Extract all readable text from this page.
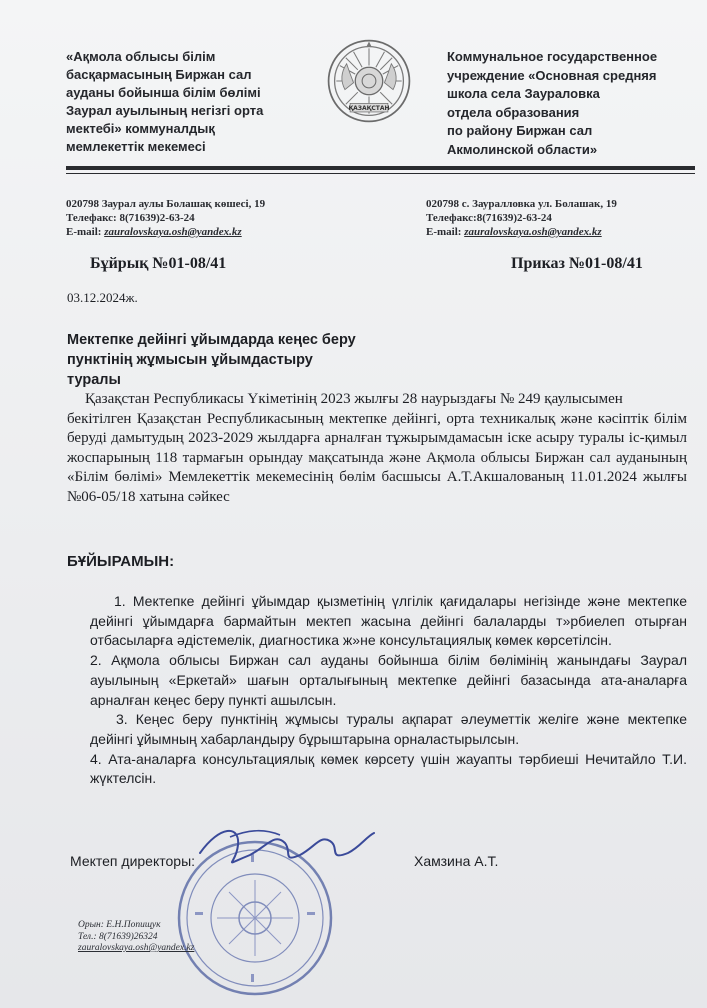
«Ақмола облысы білім
басқармасының Биржан сал
ауданы бойынша білім бөлімі
Заурал ауылының негізгі орта
мектебі» коммуналдық
мемлекеттік мекемесі
ҚАЗАҚСТАН
Коммунальное государственное
учреждение «Основная средняя
школа села Заураловка
отдела образования
по району Биржан сал
Акмолинской области»
020798 Заурал аулы Болашақ көшесі, 19
Телефакс: 8(71639)2-63-24
E-mail: zauralovskaya.osh@yandex.kz
020798 с. Зауралловка ул. Болашак, 19
Телефакс:8(71639)2-63-24
E-mail: zauralovskaya.osh@yandex.kz
Бұйрық №01-08/41	Приказ №01-08/41
03.12.2024ж.
Мектепке дейінгі ұйымдарда кеңес беру
пунктінің жұмысын ұйымдастыру
туралы
Қазақстан Республикасы Үкіметінің 2023 жылғы 28 наурыздағы № 249 қаулысымен
бекітілген Қазақстан Республикасының мектепке дейінгі, орта техникалық және кәсіптік білім беруді дамытудың 2023-2029 жылдарға арналған тұжырымдамасын іске асыру туралы іс-қимыл жоспарының 118 тармағын орындау мақсатында және Ақмола облысы Биржан сал ауданының «Білім бөлімі» Мемлекеттік мекемесінің бөлім басшысы А.Т.Акшалованың 11.01.2024 жылғы №06-05/18 хатына сәйкес
БҰЙЫРАМЫН:

1. Мектепке дейінгі ұйымдар қызметінің үлгілік қағидалары негізінде және мектепке дейінгі ұйымдарға бармайтын мектеп жасына дейінгі балаларды т»рбиелеп отырған отбасыларға әдістемелік, диагностика ж»не консультациялық көмек көрсетілсін.

2. Ақмола облысы Биржан сал ауданы бойынша білім бөлімінің жанындағы Заурал ауылының «Еркетай» шағын орталығының мектепке дейінгі базасында ата-аналарға арналған кеңес беру пункті ашылсын.

3. Кеңес беру пунктінің жұмысы туралы ақпарат әлеуметтік желіге және мектепке дейінгі ұйымның хабарландыру бұрыштарына орналастырылсын.

4. Ата-аналарға консультациялық көмек көрсету үшін жауапты тәрбиеші Нечитайло Т.И. жүктелсін.

Мектеп директоры:	Хамзина А.Т.
Орын: Е.Н.Попищук
Тел.: 8(71639)26324
zauralovskaya.osh@yandex.kz
